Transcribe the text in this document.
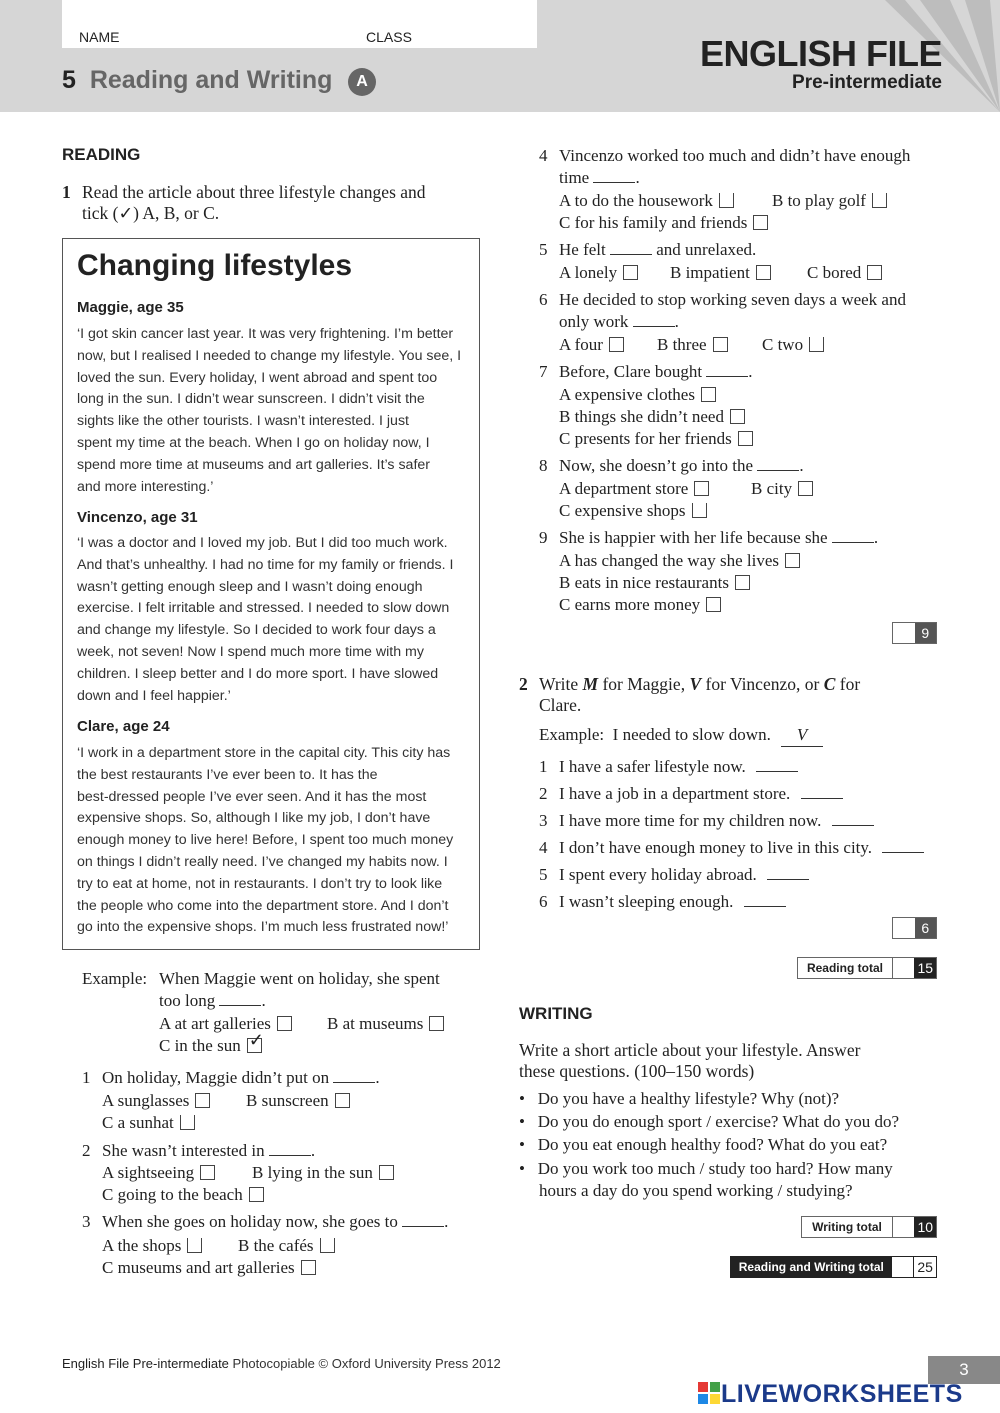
NAME	CLASS
5 Reading and Writing	A
ENGLISH FILE
Pre-intermediate
READING
1 Read the article about three lifestyle changes and
tick (✓) A, B, or C.
Changing lifestyles
Maggie, age 35
‘I got skin cancer last year. It was very frightening. I’m better
now, but I realised I needed to change my lifestyle. You see, I
loved the sun. Every holiday, I went abroad and spent too
long in the sun. I didn’t wear sunscreen. I didn’t visit the
sights like the other tourists. I wasn’t interested. I just
spent my time at the beach. When I go on holiday now, I
spend more time at museums and art galleries. It’s safer
and more interesting.’
Vincenzo, age 31
‘I was a doctor and I loved my job. But I did too much work.
And that’s unhealthy. I had no time for my family or friends. I
wasn’t getting enough sleep and I wasn’t doing enough
exercise. I felt irritable and stressed. I needed to slow down
and change my lifestyle. So I decided to work four days a
week, not seven! Now I spend much more time with my
children. I sleep better and I do more sport. I have slowed
down and I feel happier.’
Clare, age 24
‘I work in a department store in the capital city. This city has
the best restaurants I’ve ever been to. It has the
best-dressed people I’ve ever seen. And it has the most
expensive shops. So, although I like my job, I don’t have
enough money to live here! Before, I spent too much money
on things I didn’t really need. I’ve changed my habits now. I
try to eat at home, not in restaurants. I don’t try to look like
the people who come into the department store. And I don’t
go into the expensive shops. I’m much less frustrated now!’
Example: When Maggie went on holiday, she spent
too long	.
A at art galleries	B at museums
C in the sun ✓
1 On holiday, Maggie didn’t put on	.
A sunglasses	B sunscreen
C a sunhat
2 She wasn’t interested in	.
A sightseeing	B lying in the sun
C going to the beach
3 When she goes on holiday now, she goes to	.
A the shops	B the cafés
C museums and art galleries
4 Vincenzo worked too much and didn’t have enough
time	.
A to do the housework	B to play golf
C for his family and friends
5 He felt	and unrelaxed.
A lonely	B impatient	C bored
6 He decided to stop working seven days a week and
only work	.
A four	B three	C two
7 Before, Clare bought	.
A expensive clothes
B things she didn’t need
C presents for her friends
8 Now, she doesn’t go into the	.
A department store	B city
C expensive shops
9 She is happier with her life because she	.
A has changed the way she lives
B eats in nice restaurants
C earns more money
9
2 Write M for Maggie, V for Vincenzo, or C for
Clare.
Example: I needed to slow down. V
1 I have a safer lifestyle now.
2 I have a job in a department store.
3 I have more time for my children now.
4 I don’t have enough money to live in this city.
5 I spent every holiday abroad.
6 I wasn’t sleeping enough.
6
Reading total	15
WRITING
Write a short article about your lifestyle. Answer
these questions. (100–150 words)
•   Do you have a healthy lifestyle? Why (not)?
•   Do you do enough sport / exercise? What do you do?
•   Do you eat enough healthy food? What do you eat?
•   Do you work too much / study too hard? How many
hours a day do you spend working / studying?
Writing total	10
Reading and Writing total	25
English File Pre-intermediate Photocopiable © Oxford University Press 2012	3

LIVEWORKSHEETS
